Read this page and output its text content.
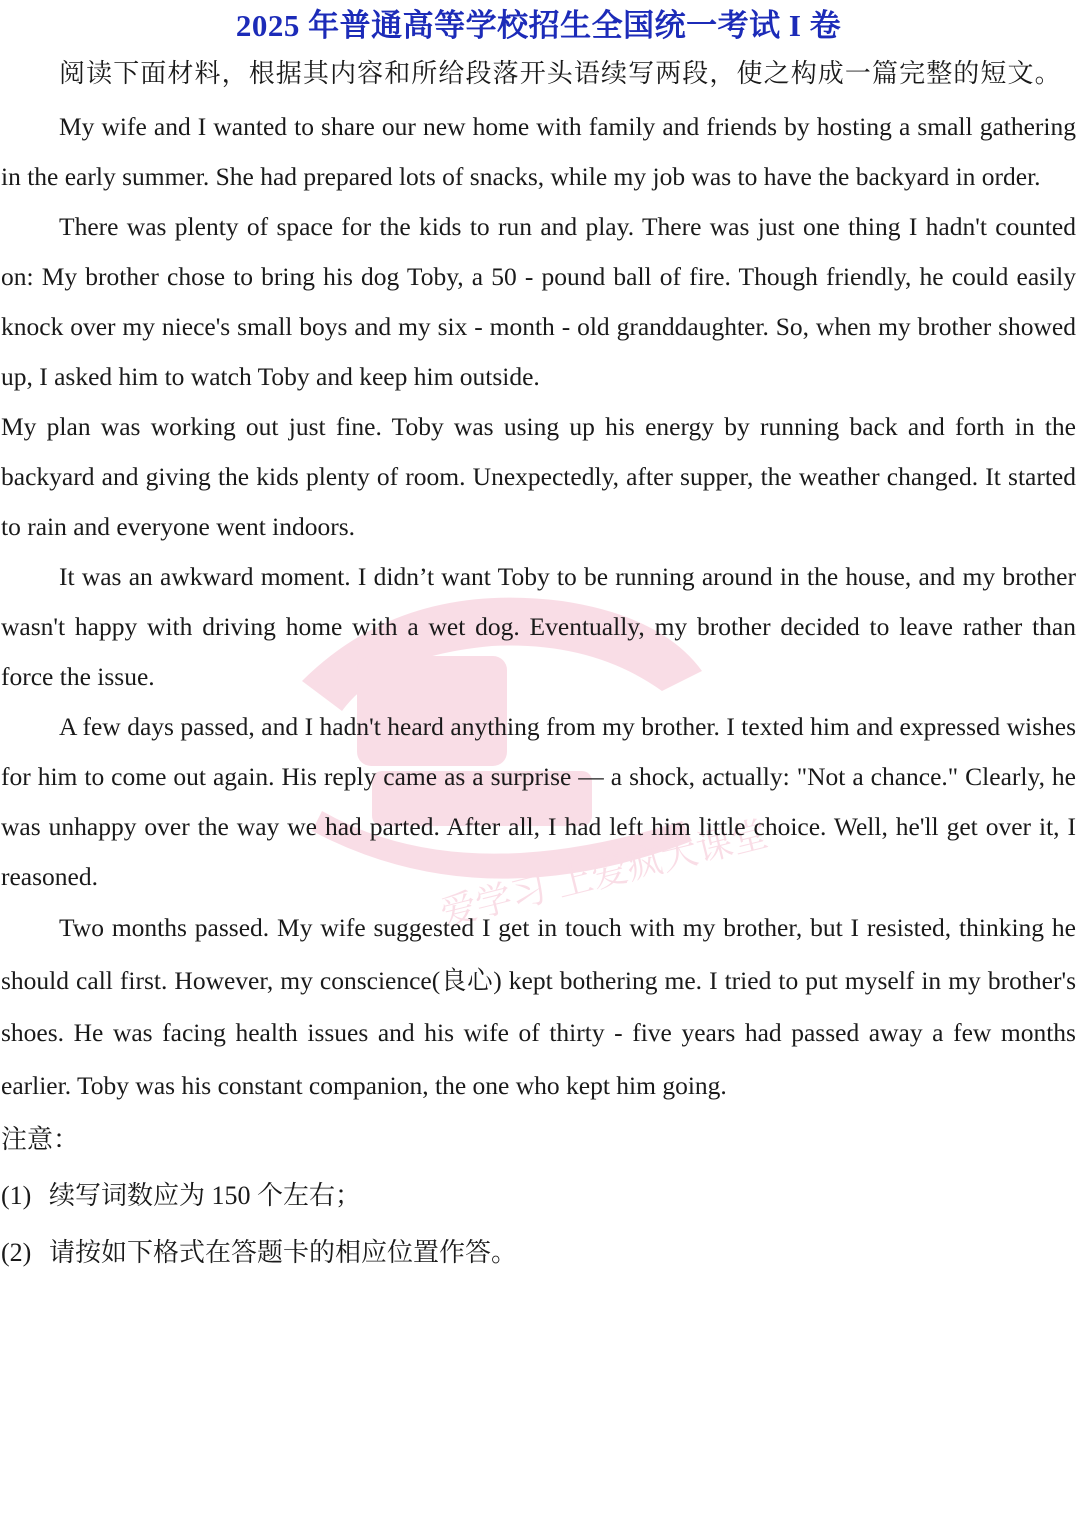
爱学习 上爱疯大课堂
2025 年普通高等学校招生全国统一考试 I 卷

阅读下面材料，根据其内容和所给段落开头语续写两段，使之构成一篇完整的短文。

My wife and I wanted to share our new home with family and friends by hosting a small gathering in the early summer. She had prepared lots of snacks, while my job was to have the backyard in order.

There was plenty of space for the kids to run and play. There was just one thing I hadn't counted on: My brother chose to bring his dog Toby, a 50 - pound ball of fire. Though friendly, he could easily knock over my niece's small boys and my six - month - old granddaughter. So, when my brother showed up, I asked him to watch Toby and keep him outside.

My plan was working out just fine. Toby was using up his energy by running back and forth in the backyard and giving the kids plenty of room. Unexpectedly, after supper, the weather changed. It started to rain and everyone went indoors.

It was an awkward moment. I didn’t want Toby to be running around in the house, and my brother wasn't happy with driving home with a wet dog. Eventually, my brother decided to leave rather than force the issue.

A few days passed, and I hadn't heard anything from my brother. I texted him and expressed wishes for him to come out again. His reply came as a surprise — a shock, actually: "Not a chance." Clearly, he was unhappy over the way we had parted. After all, I had left him little choice. Well, he'll get over it, I reasoned.

Two months passed. My wife suggested I get in touch with my brother, but I resisted, thinking he should call first. However, my conscience(良心) kept bothering me. I tried to put myself in my brother's shoes. He was facing health issues and his wife of thirty - five years had passed away a few months earlier. Toby was his constant companion, the one who kept him going.

注意：

(1) 续写词数应为 150 个左右；

(2) 请按如下格式在答题卡的相应位置作答。
